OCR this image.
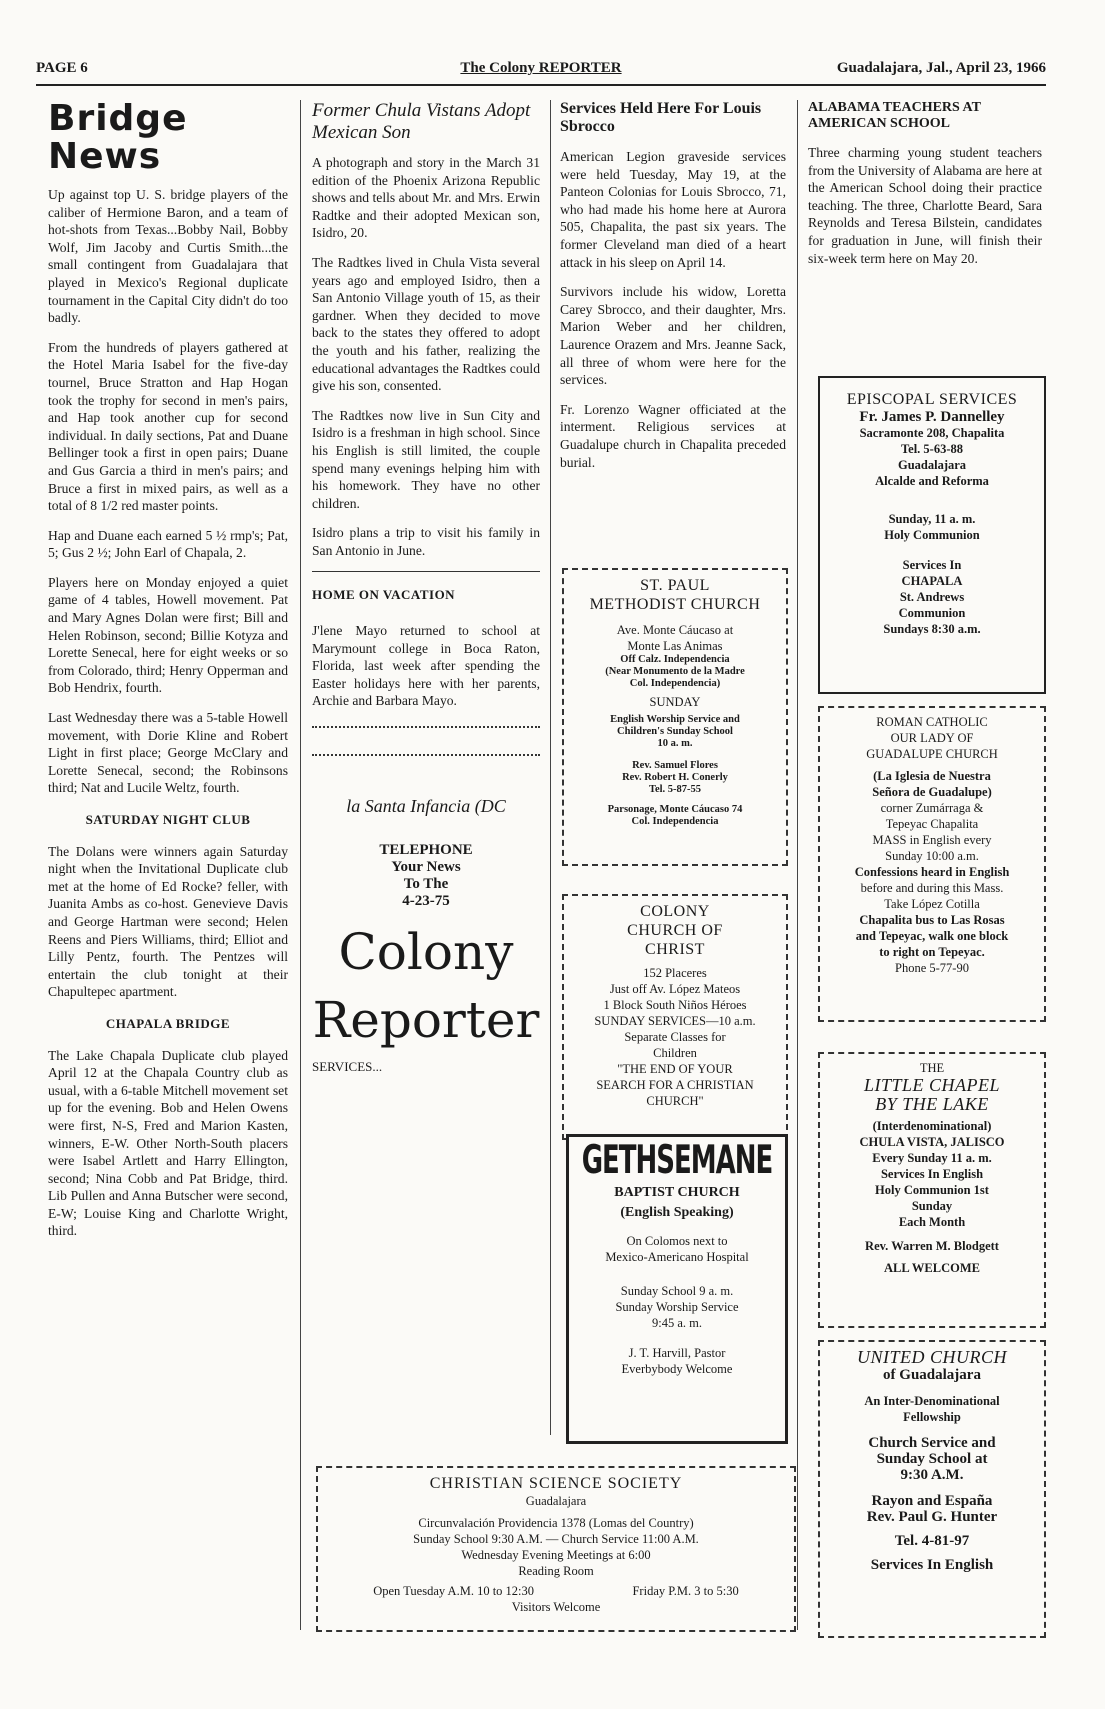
PAGE 6	The Colony REPORTER	Guadalajara, Jal., April 23, 1966
Bridge News

Up against top U. S. bridge players of the caliber of Hermione Baron, and a team of hot-shots from Texas...Bobby Nail, Bobby Wolf, Jim Jacoby and Curtis Smith...the small contingent from Guadalajara that played in Mexico's Regional duplicate tournament in the Capital City didn't do too badly.

From the hundreds of players gathered at the Hotel Maria Isabel for the five-day tournel, Bruce Stratton and Hap Hogan took the trophy for second in men's pairs, and Hap took another cup for second individual. In daily sections, Pat and Duane Bellinger took a first in open pairs; Duane and Gus Garcia a third in men's pairs; and Bruce a first in mixed pairs, as well as a total of 8 1/2 red master points.

Hap and Duane each earned 5 ½ rmp's; Pat, 5; Gus 2 ½; John Earl of Chapala, 2.

Players here on Monday enjoyed a quiet game of 4 tables, Howell movement. Pat and Mary Agnes Dolan were first; Bill and Helen Robinson, second; Billie Kotyza and Lorette Senecal, here for eight weeks or so from Colorado, third; Henry Opperman and Bob Hendrix, fourth.

Last Wednesday there was a 5-table Howell movement, with Dorie Kline and Robert Light in first place; George McClary and Lorette Senecal, second; the Robinsons third; Nat and Lucile Weltz, fourth.

SATURDAY NIGHT CLUB

The Dolans were winners again Saturday night when the Invitational Duplicate club met at the home of Ed Rocke? feller, with Juanita Ambs as co-host. Genevieve Davis and George Hartman were second; Helen Reens and Piers Williams, third; Elliot and Lilly Pentz, fourth. The Pentzes will entertain the club tonight at their Chapultepec apartment.

CHAPALA BRIDGE

The Lake Chapala Duplicate club played April 12 at the Chapala Country club as usual, with a 6-table Mitchell movement set up for the evening. Bob and Helen Owens were first, N-S, Fred and Marion Kasten, winners, E-W. Other North-South placers were Isabel Artlett and Harry Ellington, second; Nina Cobb and Pat Bridge, third. Lib Pullen and Anna Butscher were second, E-W; Louise King and Charlotte Wright, third.

Former Chula Vistans Adopt Mexican Son

A photograph and story in the March 31 edition of the Phoenix Arizona Republic shows and tells about Mr. and Mrs. Erwin Radtke and their adopted Mexican son, Isidro, 20.

The Radtkes lived in Chula Vista several years ago and employed Isidro, then a San Antonio Village youth of 15, as their gardner. When they decided to move back to the states they offered to adopt the youth and his father, realizing the educational advantages the Radtkes could give his son, consented.

The Radtkes now live in Sun City and Isidro is a freshman in high school. Since his English is still limited, the couple spend many evenings helping him with his homework. They have no other children.

Isidro plans a trip to visit his family in San Antonio in June.

HOME ON VACATION

J'lene Mayo returned to school at Marymount college in Boca Raton, Florida, last week after spending the Easter holidays here with her parents, Archie and Barbara Mayo.

la Santa Infancia (DC
TELEPHONE
Your News
To The
4-23-75
Colony
Reporter
SERVICES...
Services Held Here For Louis Sbrocco

American Legion graveside services were held Tuesday, May 19, at the Panteon Colonias for Louis Sbrocco, 71, who had made his home here at Aurora 505, Chapalita, the past six years. The former Cleveland man died of a heart attack in his sleep on April 14.

Survivors include his widow, Loretta Carey Sbrocco, and their daughter, Mrs. Marion Weber and her children, Laurence Orazem and Mrs. Jeanne Sack, all three of whom were here for the services.

Fr. Lorenzo Wagner officiated at the interment. Religious services at Guadalupe church in Chapalita preceded burial.

ST. PAUL
METHODIST CHURCH
Ave. Monte Cáucaso at
Monte Las Animas
Off Calz. Independencia
(Near Monumento de la Madre
Col. Independencia)
SUNDAY
English Worship Service and
Children's Sunday School
10 a. m.
Rev. Samuel Flores
Rev. Robert H. Conerly
Tel. 5-87-55
Parsonage, Monte Cáucaso 74
Col. Independencia
COLONY
CHURCH OF
CHRIST
152 Placeres
Just off Av. López Mateos
1 Block South Niños Héroes
SUNDAY SERVICES—10 a.m.
Separate Classes for
Children
"THE END OF YOUR
SEARCH FOR A CHRISTIAN
CHURCH"
GETHSEMANE
BAPTIST CHURCH
(English Speaking)
On Colomos next to
Mexico-Americano Hospital
Sunday School 9 a. m.
Sunday Worship Service
9:45 a. m.
J. T. Harvill, Pastor
Everbybody Welcome
ALABAMA TEACHERS AT AMERICAN SCHOOL

Three charming young student teachers from the University of Alabama are here at the American School doing their practice teaching. The three, Charlotte Beard, Sara Reynolds and Teresa Bilstein, candidates for graduation in June, will finish their six-week term here on May 20.

EPISCOPAL SERVICES
Fr. James P. Dannelley
Sacramonte 208, Chapalita
Tel. 5-63-88
Guadalajara
Alcalde and Reforma
Sunday, 11 a. m.
Holy Communion
Services In
CHAPALA
St. Andrews
Communion
Sundays 8:30 a.m.
ROMAN CATHOLIC
OUR LADY OF
GUADALUPE CHURCH
(La Iglesia de Nuestra
Señora de Guadalupe)
corner Zumárraga &
Tepeyac Chapalita
MASS in English every
Sunday 10:00 a.m.
Confessions heard in English
before and during this Mass.
Take López Cotilla
Chapalita bus to Las Rosas
and Tepeyac, walk one block
to right on Tepeyac.
Phone 5-77-90
THE
LITTLE CHAPEL
BY THE LAKE
(Interdenominational)
CHULA VISTA, JALISCO
Every Sunday 11 a. m.
Services In English
Holy Communion 1st
Sunday
Each Month
Rev. Warren M. Blodgett
ALL WELCOME
UNITED CHURCH
of Guadalajara
An Inter-Denominational
Fellowship
Church Service and
Sunday School at
9:30 A.M.
Rayon and España
Rev. Paul G. Hunter
Tel. 4-81-97
Services In English
CHRISTIAN SCIENCE SOCIETY
Guadalajara
Circunvalación Providencia 1378 (Lomas del Country)
Sunday School 9:30 A.M. — Church Service 11:00 A.M.
Wednesday Evening Meetings at 6:00
Reading Room
Open Tuesday A.M. 10 to 12:30	Friday P.M. 3 to 5:30
Visitors Welcome
